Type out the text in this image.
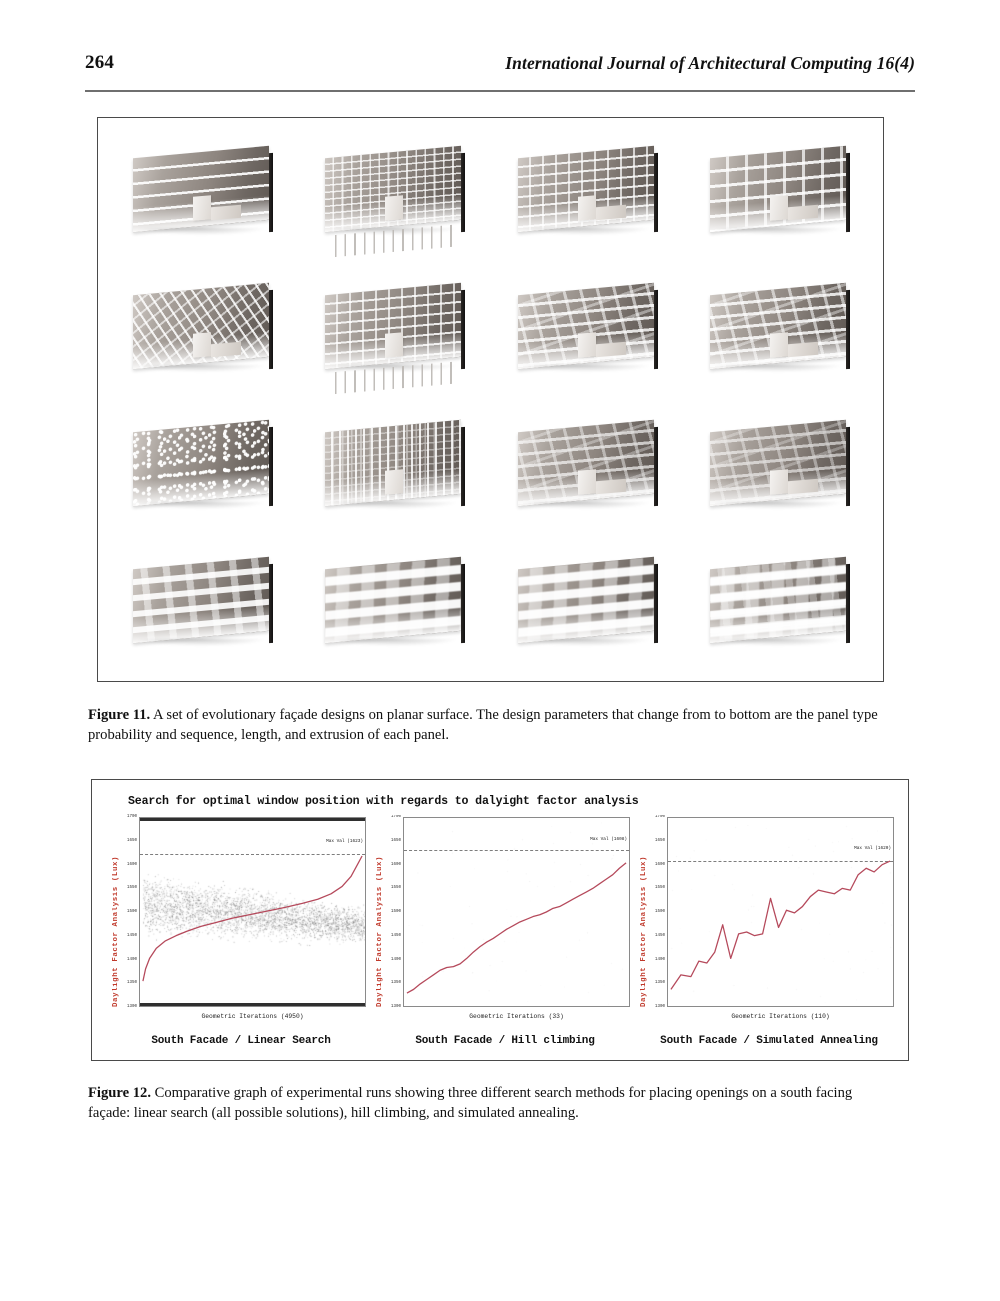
264	International Journal of Architectural Computing 16(4)
Figure 11. A set of evolutionary façade designs on planar surface. The design parameters that change from to bottom are the panel type probability and sequence, length, and extrusion of each panel.
Search for optimal window position with regards to dalyight factor analysis
Daylight Factor Analysis (Lux)
1700
1650
1600
1550
1500
1450
1400
1350
1300
Max Val (1623)
Geometric Iterations (4950)
South Facade / Linear Search
Daylight Factor Analysis (Lux)
1700
1650
1600
1550
1500
1450
1400
1350
1300
Max Val (1608)
Geometric Iterations (33)
South Facade / Hill climbing
Daylight Factor Analysis (Lux)
1700
1650
1600
1550
1500
1450
1400
1350
1300
Max Val (1620)
Geometric Iterations (110)
South Facade / Simulated Annealing
Figure 12. Comparative graph of experimental runs showing three different search methods for placing openings on a south facing façade: linear search (all possible solutions), hill climbing, and simulated annealing.
